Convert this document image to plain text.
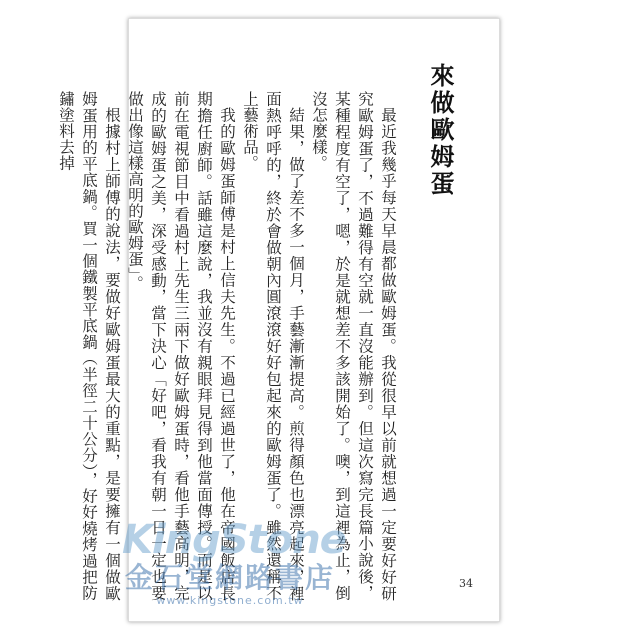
來做歐姆蛋

最近我幾乎每天早晨都做歐姆蛋。我從很早以前就想過一定要好好研究歐姆蛋了，不過難得有空就一直沒能辦到。但這次寫完長篇小說後，某種程度有空了，嗯，於是就想差不多該開始了。噢，到這裡為止，倒沒怎麼樣。

結果，做了差不多一個月，手藝漸漸提高。煎得顏色也漂亮起來，裡面熱呼呼的，終於會做朝內圓滾滾好好包起來的歐姆蛋了。雖然還稱不上藝術品。

我的歐姆蛋師傅是村上信夫先生。不過已經過世了，他在帝國飯店長期擔任廚師。話雖這麼說，我並沒有親眼拜見得到他當面傳授。而是以前在電視節目中看過村上先生三兩下做好歐姆蛋時，看他手藝高明，完成的歐姆蛋之美，深受感動，當下決心「好吧，看我有朝一日一定也要做出像這樣高明的歐姆蛋」。

根據村上師傅的說法，要做好歐姆蛋最大的重點，是要擁有一個做歐姆蛋用的平底鍋。買一個鐵製平底鍋（半徑二十公分），好好燒烤過把防鏽塗料去掉

34
KingStone
金石堂網路書店
www.kingstone.com.tw
